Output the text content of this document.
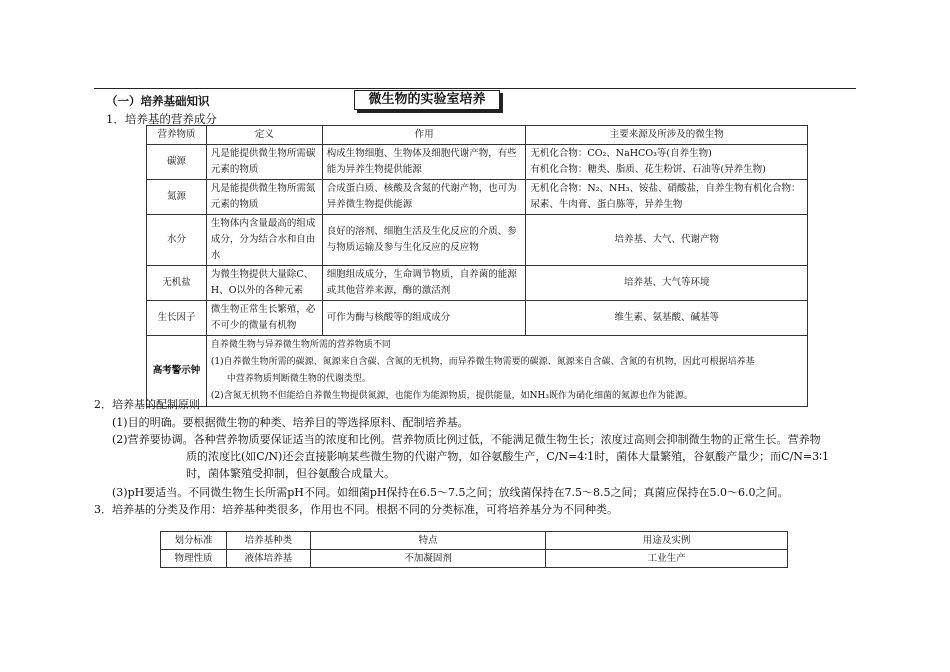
（一）培养基础知识	微生物的实验室培养
1．培养基的营养成分
营养物质	定义	作用	主要来源及所涉及的微生物
碳源	凡是能提供微生物所需碳元素的物质	构成生物细胞、生物体及细胞代谢产物，有些能为异养生物提供能源	无机化合物：CO₂、NaHCO₃等(自养生物)
有机化合物：糖类、脂质、花生粉饼、石油等(异养生物)

氮源	凡是能提供微生物所需氮元素的物质	合成蛋白质、核酸及含氮的代谢产物，也可为异养微生物提供能源	无机化合物：N₂、NH₃、铵盐、硝酸盐，自养生物有机化合物：尿素、牛肉膏、蛋白胨等，异养生物
水分	生物体内含量最高的组成成分，分为结合水和自由水	良好的溶剂、细胞生活及生化反应的介质、参与物质运输及参与生化反应的反应物	培养基、大气、代谢产物
无机盐	为微生物提供大量除C、H、O以外的各种元素	细胞组成成分，生命调节物质，自养菌的能源或其他营养来源，酶的激活剂	培养基、大气等环境
生长因子	微生物正常生长繁殖，必不可少的微量有机物	可作为酶与核酸等的组成成分	维生素、氨基酸、碱基等
高考警示钟	自养微生物与异养微生物所需的营养物质不同
(1)自养微生物所需的碳源、氮源来自含碳、含氮的无机物，而异养微生物需要的碳源、氮源来自含碳、含氮的有机物，因此可根据培养基
中营养物质判断微生物的代谢类型。
(2)含氮无机物不但能给自养微生物提供氮源，也能作为能源物质，提供能量，如NH₃既作为硝化细菌的氮源也作为能源。		
2．培养基的配制原则
(1)目的明确。要根据微生物的种类、培养目的等选择原料、配制培养基。
(2)营养要协调。各种营养物质要保证适当的浓度和比例。营养物质比例过低，不能满足微生物生长；浓度过高则会抑制微生物的正常生长。营养物
质的浓度比(如C/N)还会直接影响某些微生物的代谢产物，如谷氨酸生产，C/N=4∶1时，菌体大量繁殖，谷氨酸产量少；而C/N=3∶1
时，菌体繁殖受抑制，但谷氨酸合成量大。
(3)pH要适当。不同微生物生长所需pH不同。如细菌pH保持在6.5～7.5之间；放线菌保持在7.5～8.5之间；真菌应保持在5.0～6.0之间。
3．培养基的分类及作用：培养基种类很多，作用也不同。根据不同的分类标准，可将培养基分为不同种类。
划分标准	培养基种类	特点	用途及实例
物理性质	液体培养基	不加凝固剂	工业生产
